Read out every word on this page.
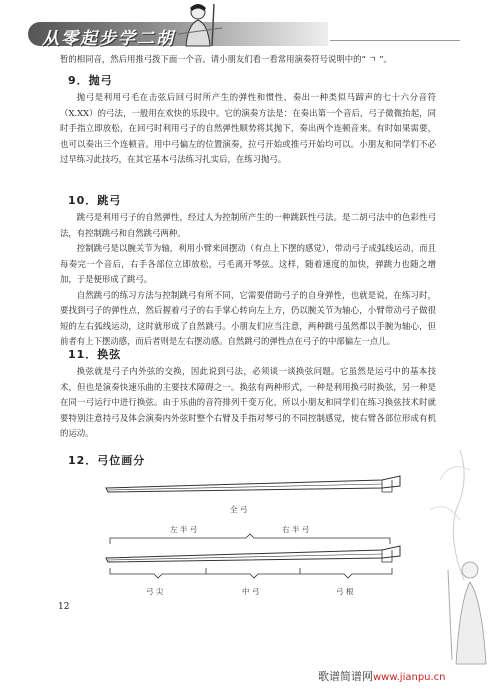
从零起步学二胡
暂的相同音，然后用推弓拨下面一个音。请小朋友们看一看常用演奏符号说明中的“ ㄱ ”。
9．抛弓

抛弓是利用弓毛在击弦后回弓时所产生的弹性和惯性，奏出一种类似马蹄声的七十六分音符（X.XX）的弓法，一般用在欢快的乐段中。它的演奏方法是：在奏出第一个音后，弓子微微抬起，同时手指立即放松，在回弓时利用弓子的自然弹性顺势将其抛下，奏出两个连顿音来。有时如果需要，也可以奏出三个连顿音。用中弓偏左的位置演奏，拉弓开始或推弓开始均可以。小朋友和同学们不必过早练习此技巧，在其它基本弓法练习扎实后，在练习抛弓。

10．跳弓

跳弓是利用弓子的自然弹性，经过人为控制所产生的一种跳跃性弓法。是二胡弓法中的色彩性弓法，有控制跳弓和自然跳弓两种。

控制跳弓是以腕关节为轴，利用小臂来回摆动（有点上下摆的感觉），带动弓子成弧线运动，而且每奏完一个音后，右手各部位立即放松，弓毛离开琴弦。这样，随着速度的加快，弹跳力也随之增加，于是便形成了跳弓。

自然跳弓的练习方法与控制跳弓有所不同，它需要借助弓子的自身弹性，也就是说，在练习时，要找到弓子的弹性点，然后握着弓子的右手掌心转向左上方，仍以腕关节为轴心，小臂带动弓子做很短的左右弧线运动，这时就形成了自然跳弓。小朋友们应当注意，两种跳弓虽然都以手腕为轴心，但前者有上下摆动感，而后者则是左右摆动感。自然跳弓的弹性点在弓子的中部偏左一点儿。

11．换弦

换弦就是弓子内外弦的交换，因此说到弓法，必须谈一谈换弦问题。它虽然是运弓中的基本技术，但也是演奏快速乐曲的主要技术障碍之一。换弦有两种形式，一种是利用换弓时换弦，另一种是在同一弓运行中进行换弦。由于乐曲的音符排列千变万化，所以小朋友和同学们在练习换弦技术时就要特别注意持弓及体会演奏内外弦时整个右臂及手指对琴弓的不同控制感觉，使右臂各部位形成有机的运动。

12．弓位画分
全 弓
左 半 弓	右 半 弓
弓 尖	中 弓	弓 根
12
歌谱简谱网www.jianpu.cn
